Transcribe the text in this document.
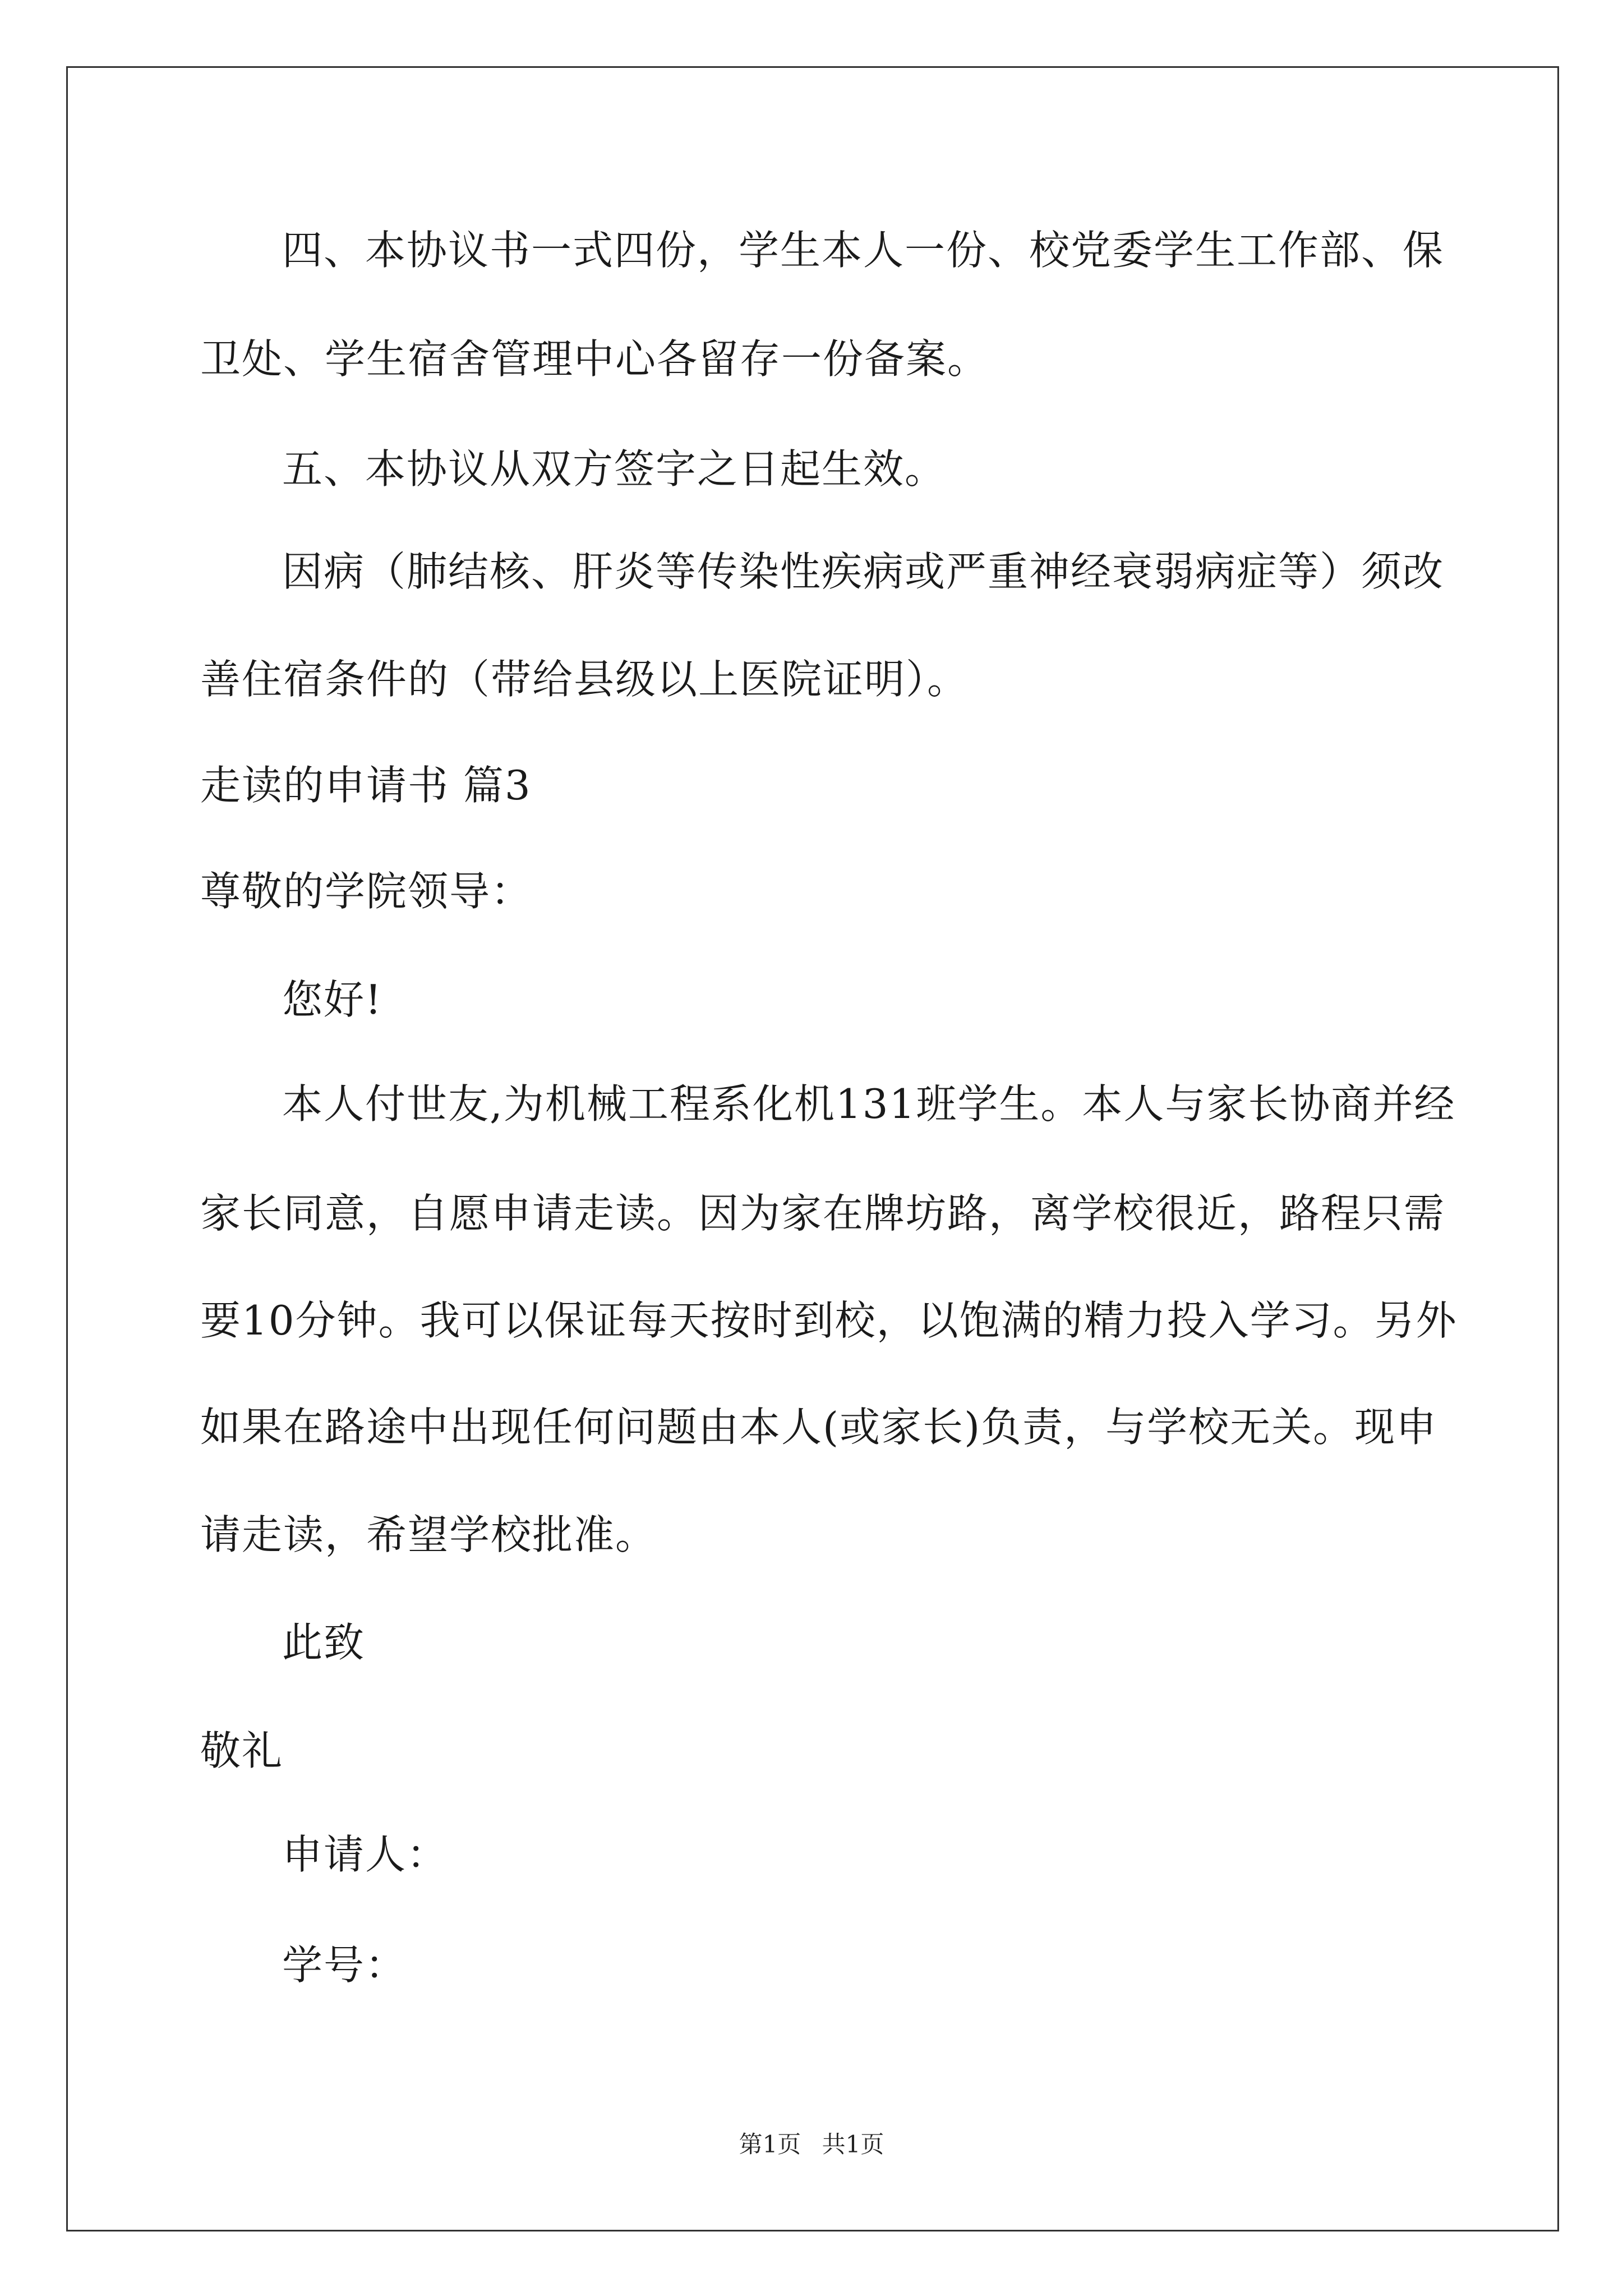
四、本协议书一式四份，学生本人一份、校党委学生工作部、保
卫处、学生宿舍管理中心各留存一份备案。
五、本协议从双方签字之日起生效。
因病（肺结核、肝炎等传染性疾病或严重神经衰弱病症等）须改
善住宿条件的（带给县级以上医院证明）。
走读的申请书 篇3
尊敬的学院领导：
您好!
本人付世友,为机械工程系化机131班学生。本人与家长协商并经
家长同意，自愿申请走读。因为家在牌坊路，离学校很近，路程只需
要10分钟。我可以保证每天按时到校，以饱满的精力投入学习。另外
如果在路途中出现任何问题由本人(或家长)负责，与学校无关。现申
请走读，希望学校批准。
此致
敬礼
申请人：
学号：
第1页 共1页
